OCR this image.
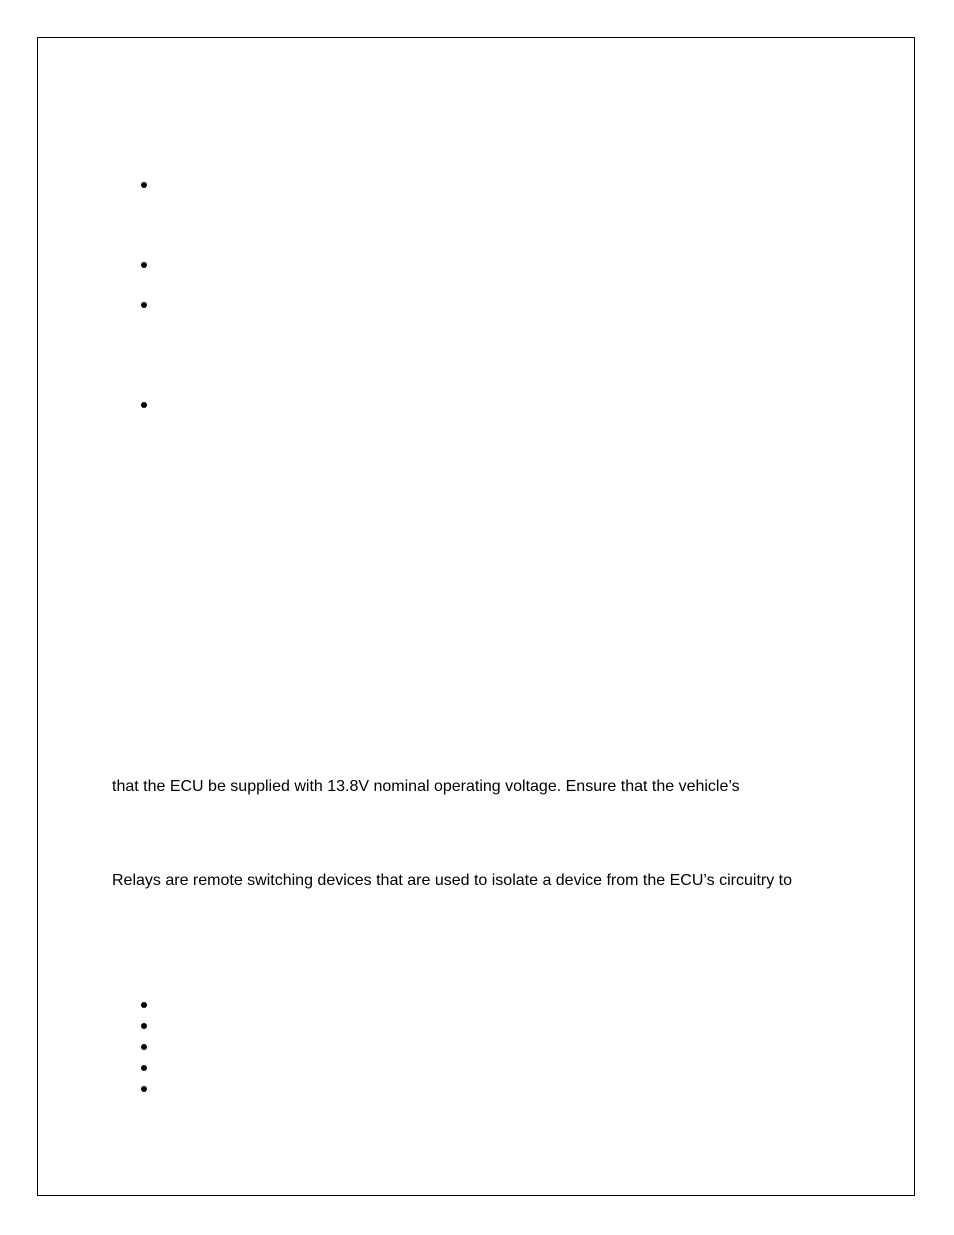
that the ECU be supplied with 13.8V nominal operating voltage. Ensure that the vehicle’s
Relays are remote switching devices that are used to isolate a device from the ECU’s circuitry to
